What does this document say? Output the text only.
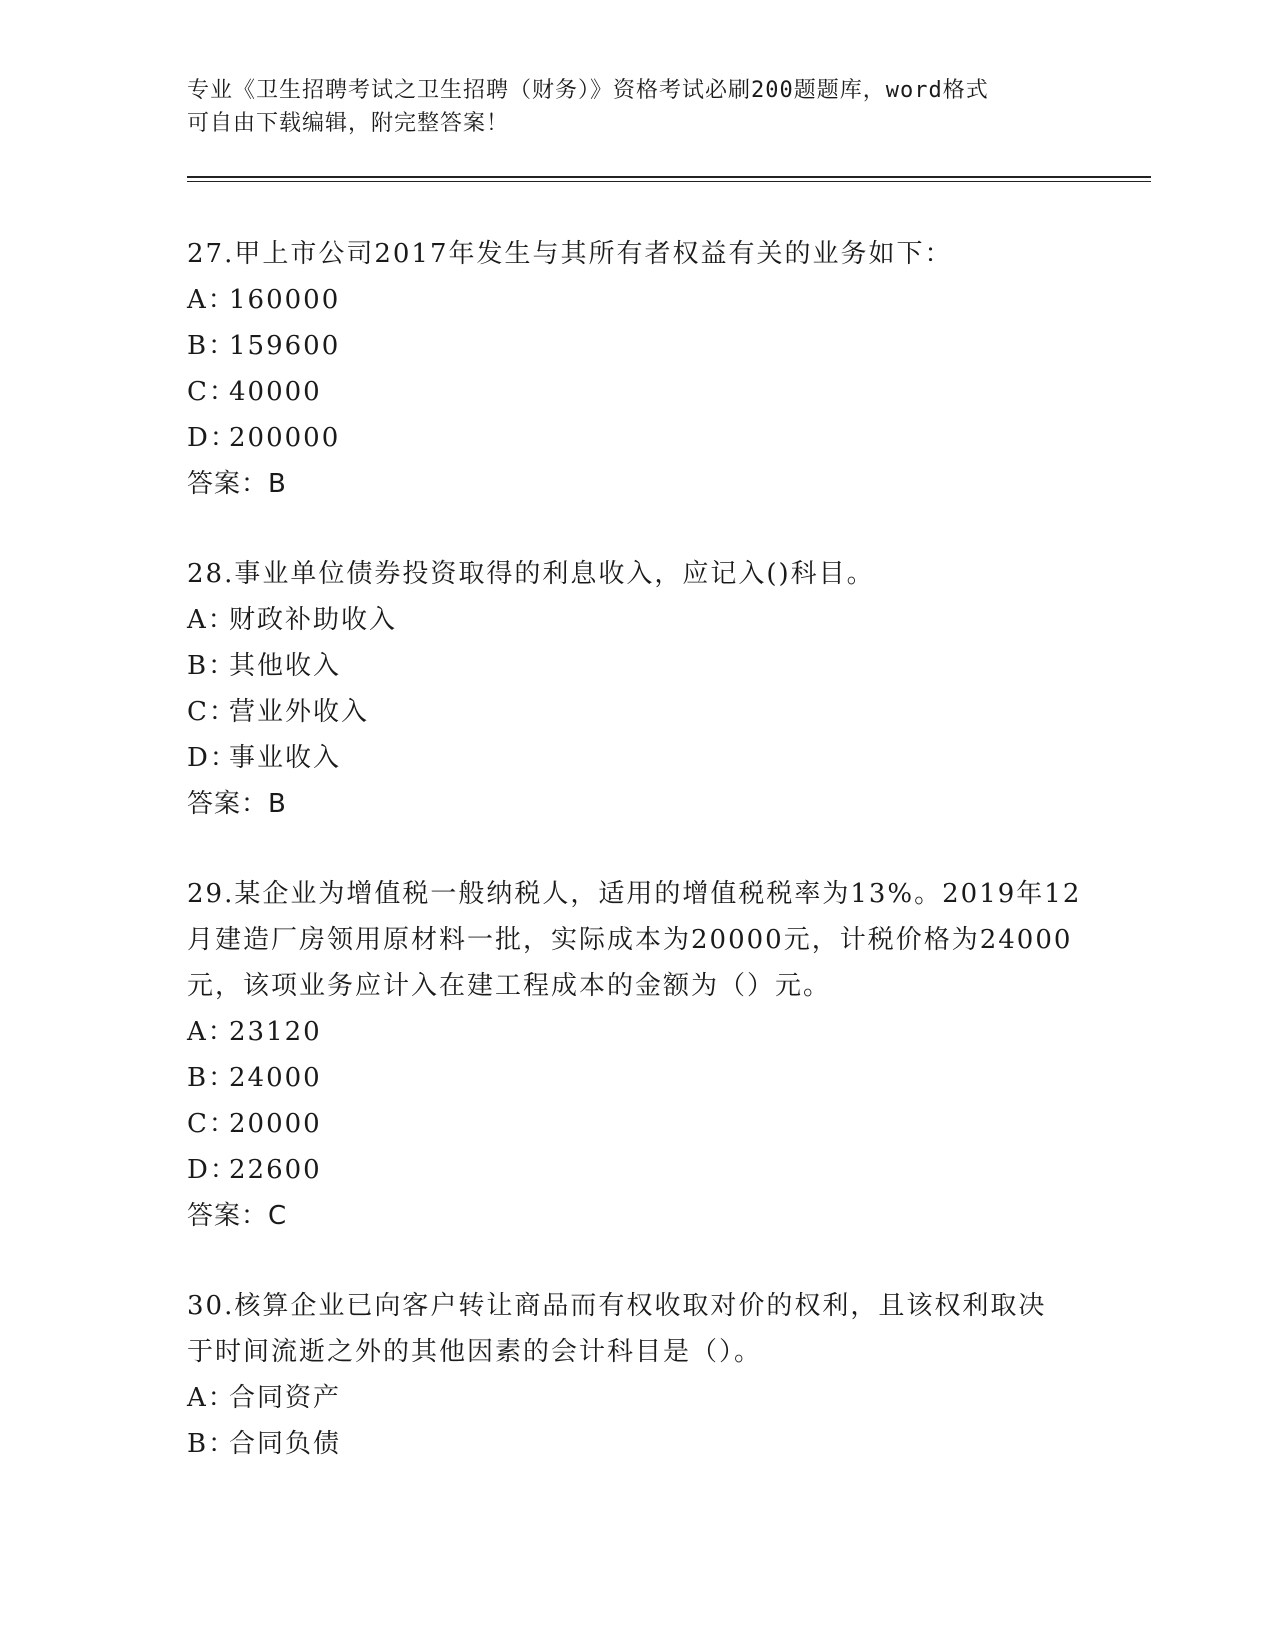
专业《卫生招聘考试之卫生招聘（财务）》资格考试必刷200题题库，word格式
可自由下载编辑，附完整答案！
27.甲上市公司2017年发生与其所有者权益有关的业务如下：
A：160000
B：159600
C：40000
D：200000
答案：B
28.事业单位债券投资取得的利息收入，应记入()科目。
A：财政补助收入
B：其他收入
C：营业外收入
D：事业收入
答案：B
29.某企业为增值税一般纳税人，适用的增值税税率为13%。2019年12
月建造厂房领用原材料一批，实际成本为20000元，计税价格为24000
元，该项业务应计入在建工程成本的金额为（）元。
A：23120
B：24000
C：20000
D：22600
答案：C
30.核算企业已向客户转让商品而有权收取对价的权利，且该权利取决
于时间流逝之外的其他因素的会计科目是（）。
A：合同资产
B：合同负债
